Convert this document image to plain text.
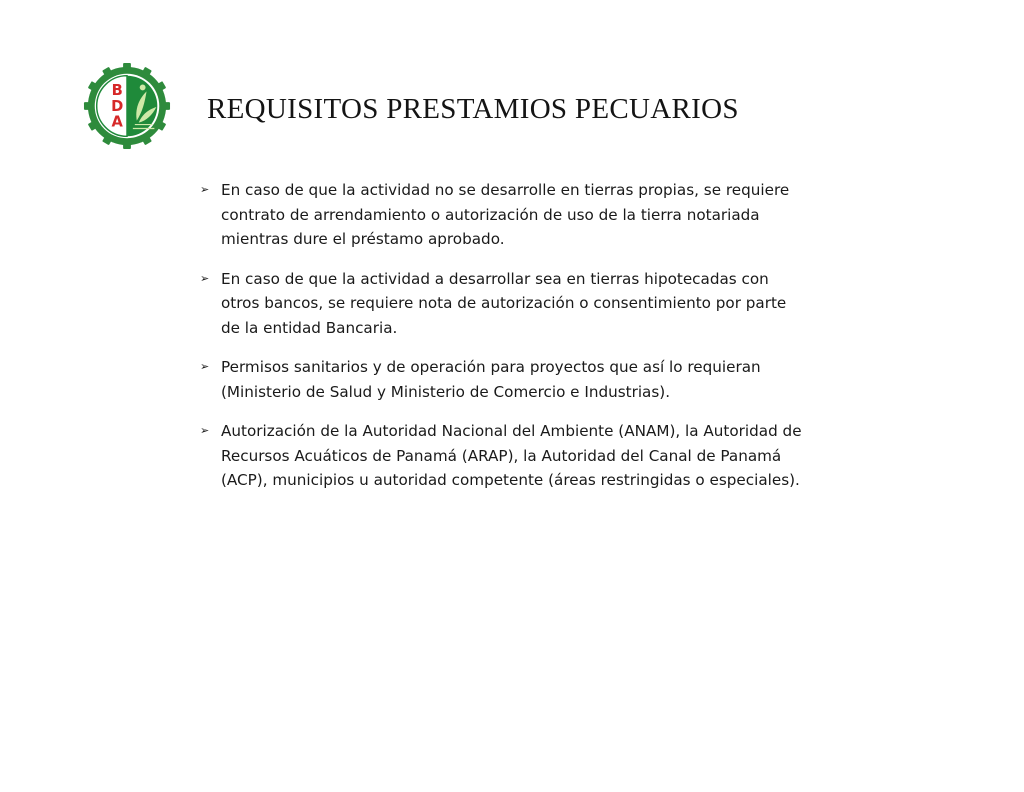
B
D
A	REQUISITOS PRESTAMIOS PECUARIOS
➢ En caso de que la actividad no se desarrolle en tierras propias, se requiere contrato de arrendamiento o autorización de uso de la tierra notariada mientras dure el préstamo aprobado.
➢ En caso de que la actividad a desarrollar sea en tierras hipotecadas con otros bancos, se requiere nota de autorización o consentimiento por parte de la entidad Bancaria.
➢ Permisos sanitarios y de operación para proyectos que así lo requieran (Ministerio de Salud y Ministerio de Comercio e Industrias).
➢ Autorización de la Autoridad Nacional del Ambiente (ANAM), la Autoridad de Recursos Acuáticos de Panamá (ARAP), la Autoridad del Canal de Panamá (ACP), municipios u autoridad competente (áreas restringidas o especiales).
